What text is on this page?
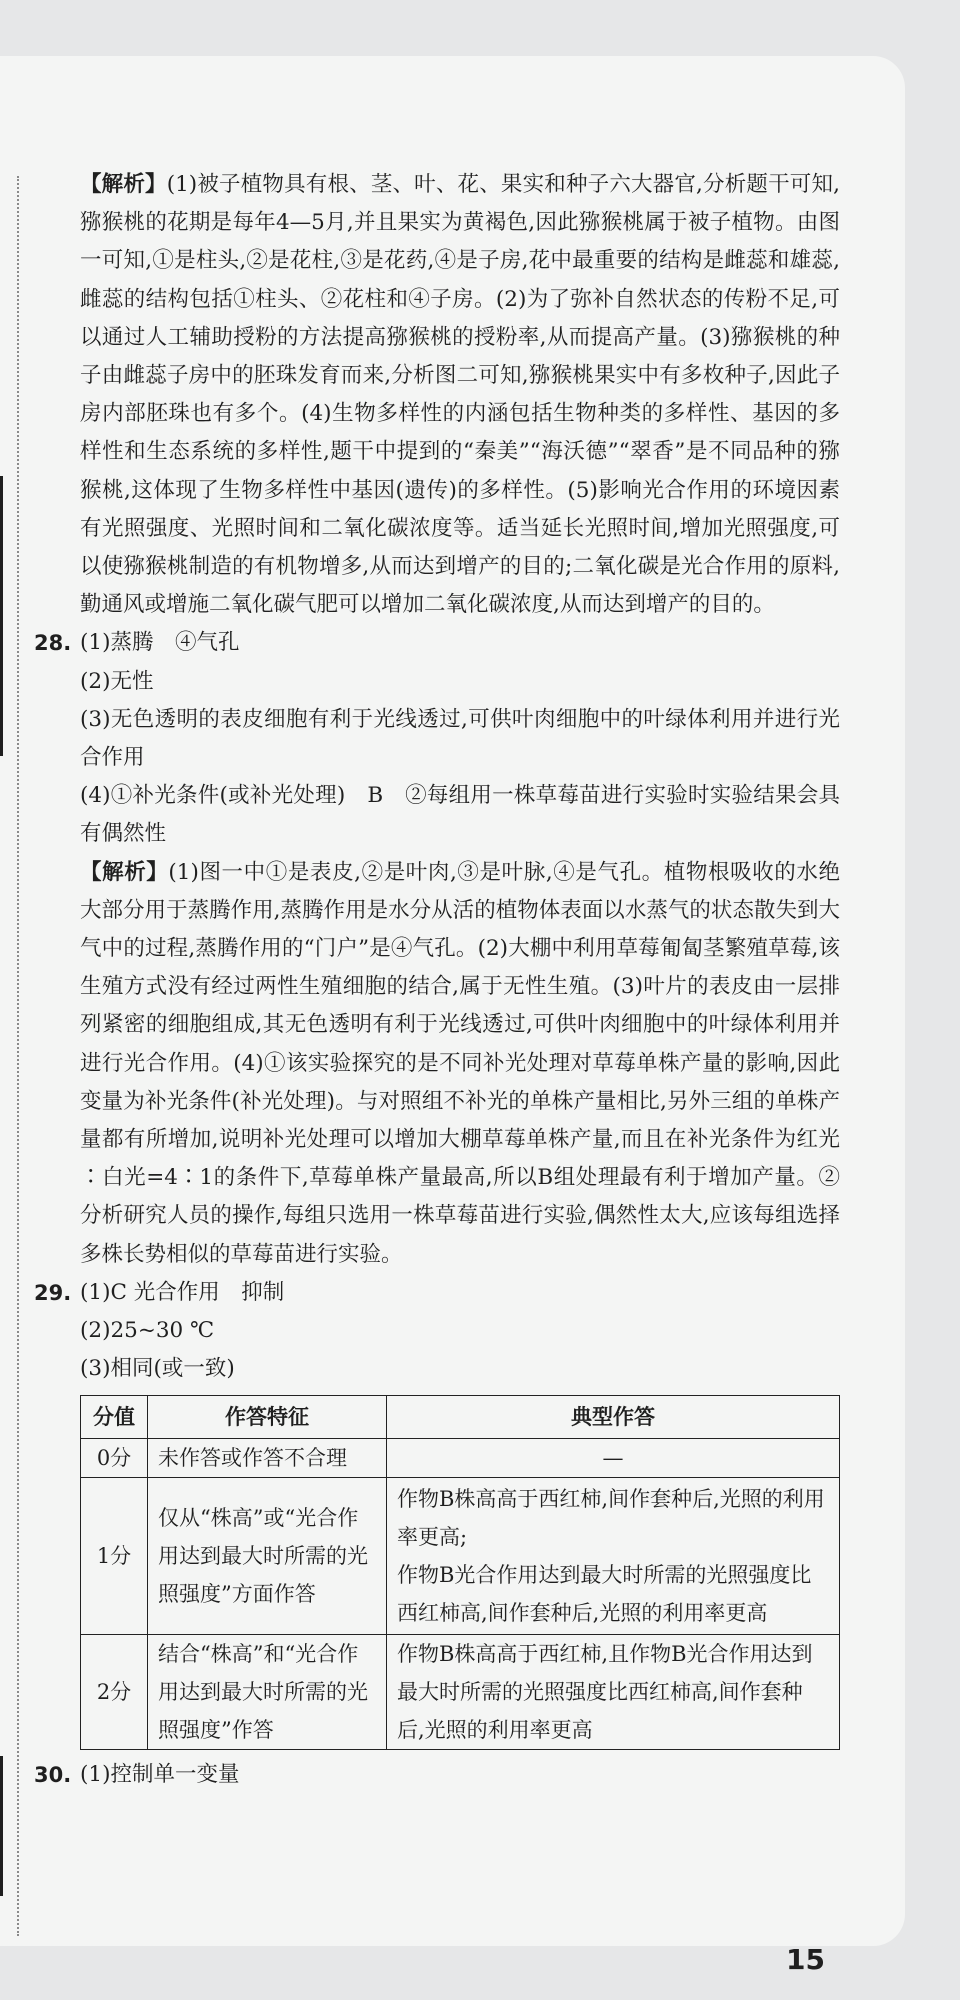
【解析】(1)被子植物具有根、茎、叶、花、果实和种子六大器官,分析题干可知,猕猴桃的花期是每年4—5月,并且果实为黄褐色,因此猕猴桃属于被子植物。由图一可知,①是柱头,②是花柱,③是花药,④是子房,花中最重要的结构是雌蕊和雄蕊,雌蕊的结构包括①柱头、②花柱和④子房。(2)为了弥补自然状态的传粉不足,可以通过人工辅助授粉的方法提高猕猴桃的授粉率,从而提高产量。(3)猕猴桃的种子由雌蕊子房中的胚珠发育而来,分析图二可知,猕猴桃果实中有多枚种子,因此子房内部胚珠也有多个。(4)生物多样性的内涵包括生物种类的多样性、基因的多样性和生态系统的多样性,题干中提到的“秦美”“海沃德”“翠香”是不同品种的猕猴桃,这体现了生物多样性中基因(遗传)的多样性。(5)影响光合作用的环境因素有光照强度、光照时间和二氧化碳浓度等。适当延长光照时间,增加光照强度,可以使猕猴桃制造的有机物增多,从而达到增产的目的;二氧化碳是光合作用的原料,勤通风或增施二氧化碳气肥可以增加二氧化碳浓度,从而达到增产的目的。

28. (1)蒸腾　④气孔

(2)无性

(3)无色透明的表皮细胞有利于光线透过,可供叶肉细胞中的叶绿体利用并进行光合作用

(4)①补光条件(或补光处理)　B　②每组用一株草莓苗进行实验时实验结果会具有偶然性

【解析】(1)图一中①是表皮,②是叶肉,③是叶脉,④是气孔。植物根吸收的水绝大部分用于蒸腾作用,蒸腾作用是水分从活的植物体表面以水蒸气的状态散失到大气中的过程,蒸腾作用的“门户”是④气孔。(2)大棚中利用草莓匍匐茎繁殖草莓,该生殖方式没有经过两性生殖细胞的结合,属于无性生殖。(3)叶片的表皮由一层排列紧密的细胞组成,其无色透明有利于光线透过,可供叶肉细胞中的叶绿体利用并进行光合作用。(4)①该实验探究的是不同补光处理对草莓单株产量的影响,因此变量为补光条件(补光处理)。与对照组不补光的单株产量相比,另外三组的单株产量都有所增加,说明补光处理可以增加大棚草莓单株产量,而且在补光条件为红光∶白光=4∶1的条件下,草莓单株产量最高,所以B组处理最有利于增加产量。②分析研究人员的操作,每组只选用一株草莓苗进行实验,偶然性太大,应该每组选择多株长势相似的草莓苗进行实验。

29. (1)C 光合作用　抑制

(2)25~30 ℃

(3)相同(或一致)

分值	作答特征	典型作答
0分	未作答或作答不合理	—
1分	仅从“株高”或“光合作用达到最大时所需的光照强度”方面作答	作物B株高高于西红柿,间作套种后,光照的利用率更高;
作物B光合作用达到最大时所需的光照强度比西红柿高,间作套种后,光照的利用率更高

2分	结合“株高”和“光合作用达到最大时所需的光照强度”作答	作物B株高高于西红柿,且作物B光合作用达到最大时所需的光照强度比西红柿高,间作套种后,光照的利用率更高
30. (1)控制单一变量

15
